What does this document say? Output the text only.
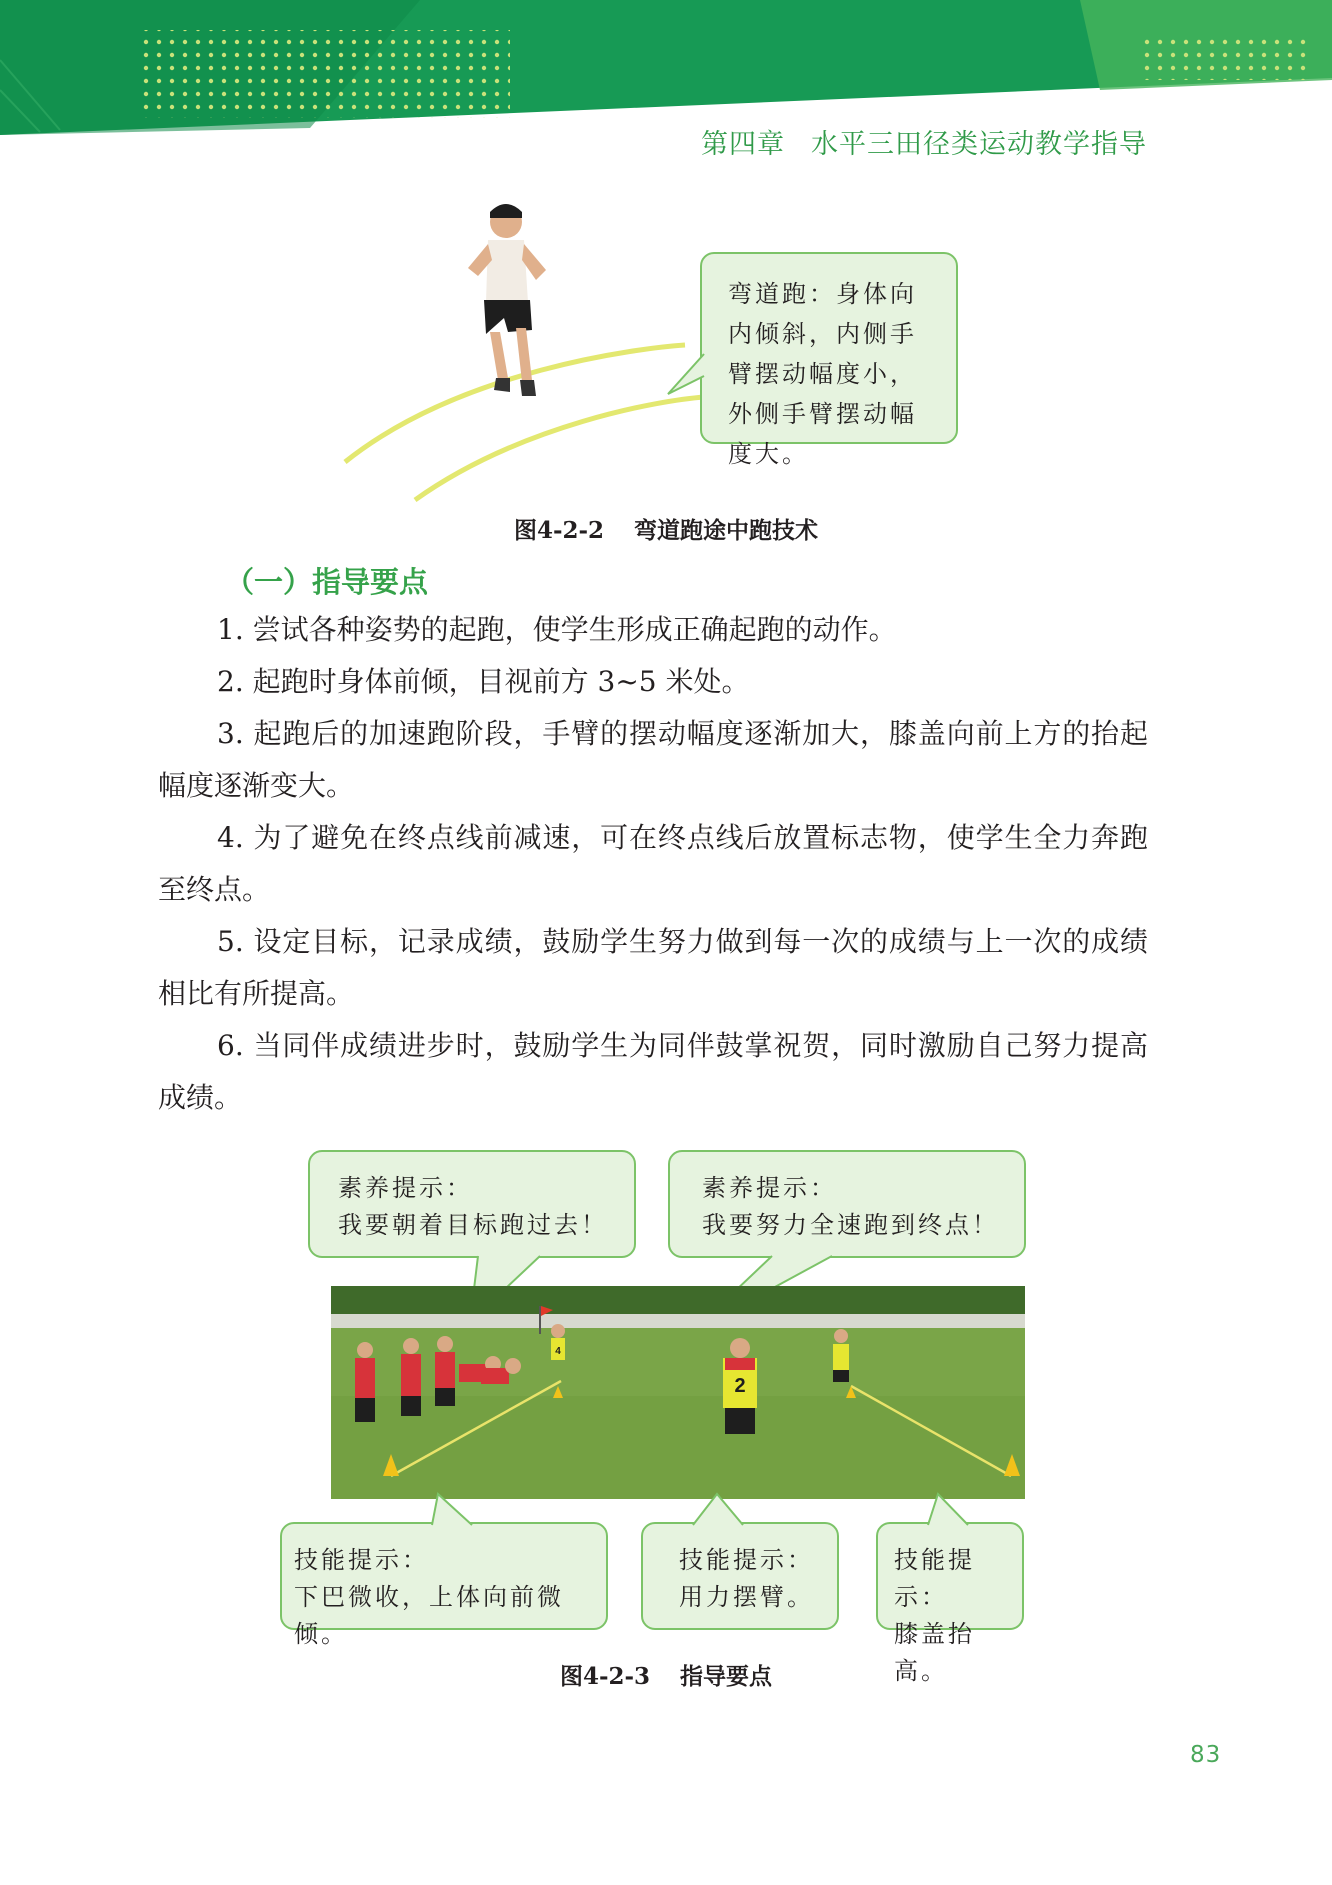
第四章 水平三田径类运动教学指导
弯道跑：身体向内倾斜，内侧手臂摆动幅度小，外侧手臂摆动幅度大。
图4-2-2 弯道跑途中跑技术
（一）指导要点

1. 尝试各种姿势的起跑，使学生形成正确起跑的动作。

2. 起跑时身体前倾，目视前方 3~5 米处。

3. 起跑后的加速跑阶段，手臂的摆动幅度逐渐加大，膝盖向前上方的抬起幅度逐渐变大。

4. 为了避免在终点线前减速，可在终点线后放置标志物，使学生全力奔跑至终点。

5. 设定目标，记录成绩，鼓励学生努力做到每一次的成绩与上一次的成绩相比有所提高。

6. 当同伴成绩进步时，鼓励学生为同伴鼓掌祝贺，同时激励自己努力提高成绩。

素养提示：
我要朝着目标跑过去！
素养提示：
我要努力全速跑到终点！
2
4
技能提示：
下巴微收，上体向前微倾。
技能提示：
用力摆臂。
技能提示：
膝盖抬高。
图4-2-3 指导要点
83
